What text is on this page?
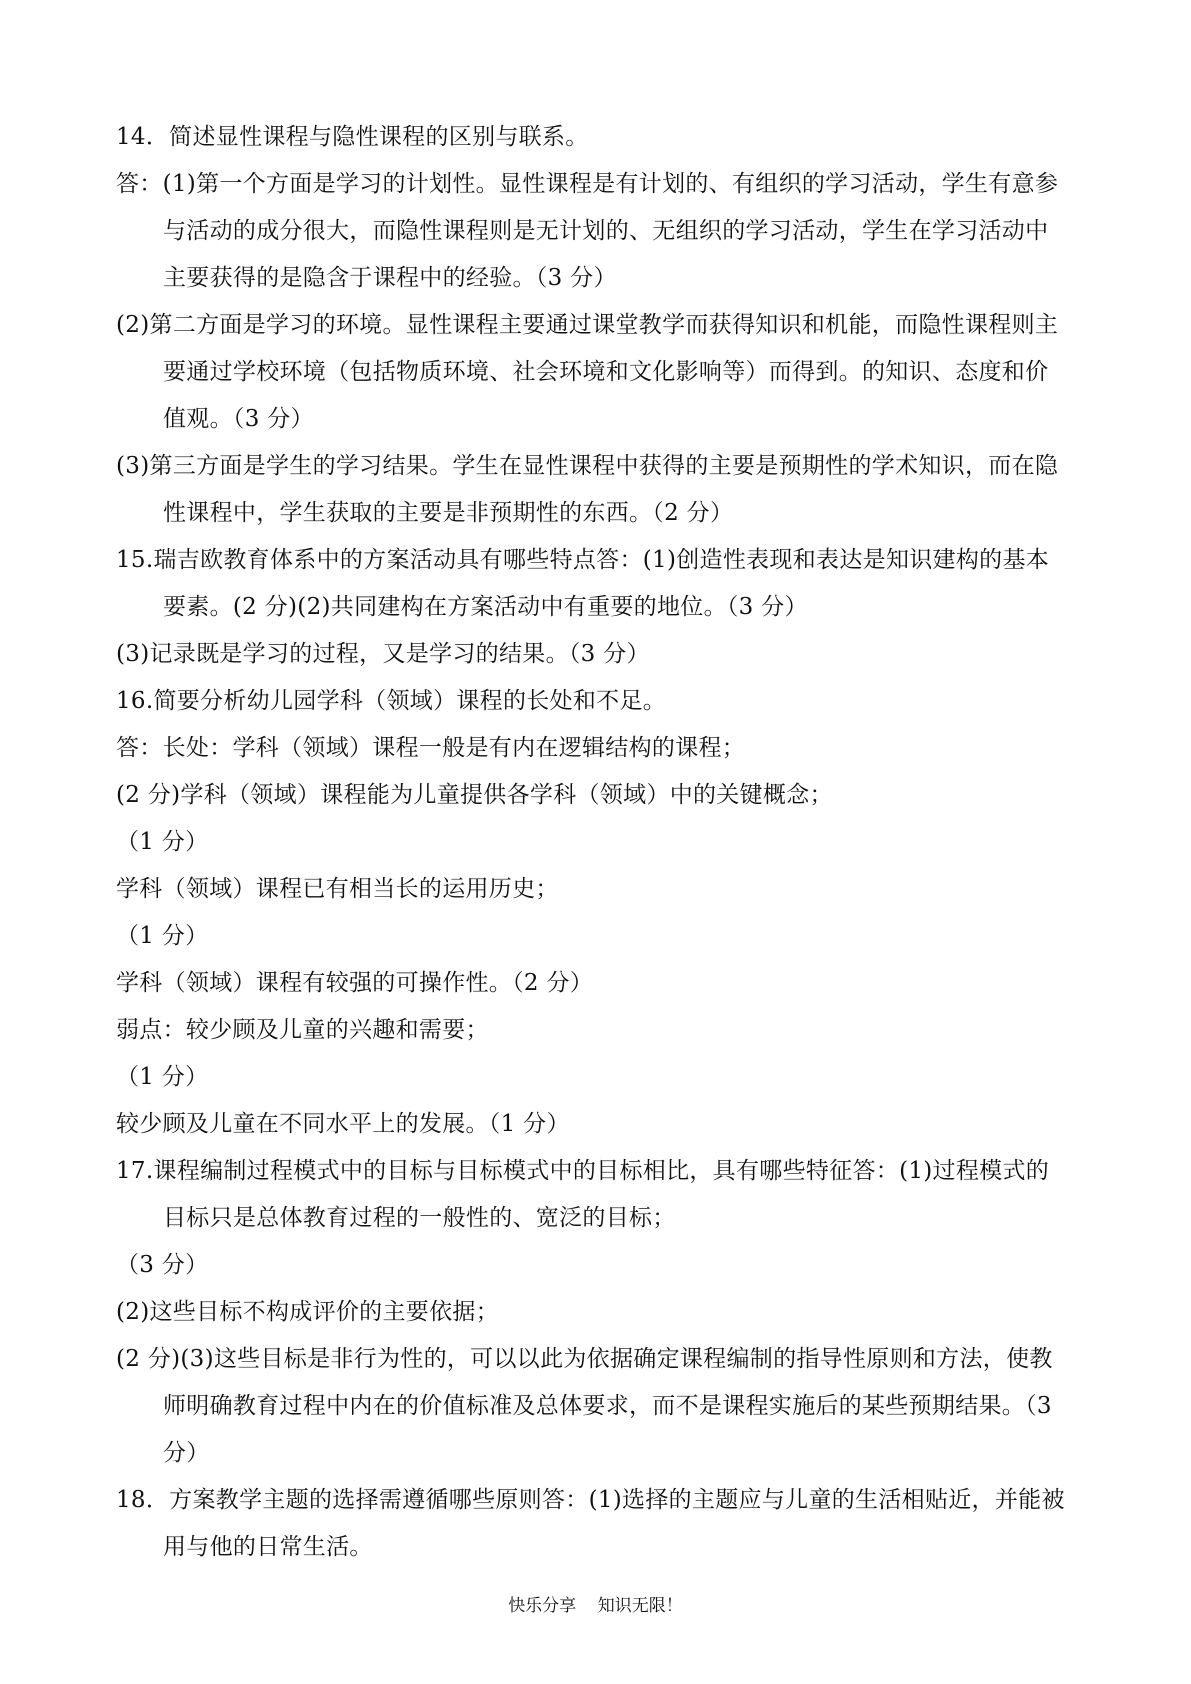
14．简述显性课程与隐性课程的区别与联系。
答：(1)第一个方面是学习的计划性。显性课程是有计划的、有组织的学习活动，学生有意参
与活动的成分很大，而隐性课程则是无计划的、无组织的学习活动，学生在学习活动中
主要获得的是隐含于课程中的经验。（3 分）
(2)第二方面是学习的环境。显性课程主要通过课堂教学而获得知识和机能，而隐性课程则主
要通过学校环境（包括物质环境、社会环境和文化影响等）而得到。的知识、态度和价
值观。（3 分）
(3)第三方面是学生的学习结果。学生在显性课程中获得的主要是预期性的学术知识，而在隐
性课程中，学生获取的主要是非预期性的东西。（2 分）
15.瑞吉欧教育体系中的方案活动具有哪些特点答：(1)创造性表现和表达是知识建构的基本
要素。(2 分)(2)共同建构在方案活动中有重要的地位。（3 分）
(3)记录既是学习的过程，又是学习的结果。（3 分）
16.简要分析幼儿园学科（领域）课程的长处和不足。
答：长处：学科（领域）课程一般是有内在逻辑结构的课程；
(2 分)学科（领域）课程能为儿童提供各学科（领域）中的关键概念；
（1 分）
学科（领域）课程已有相当长的运用历史；
（1 分）
学科（领域）课程有较强的可操作性。（2 分）
弱点：较少顾及儿童的兴趣和需要；
（1 分）
较少顾及儿童在不同水平上的发展。（1 分）
17.课程编制过程模式中的目标与目标模式中的目标相比，具有哪些特征答：(1)过程模式的
目标只是总体教育过程的一般性的、宽泛的目标；
（3 分）
(2)这些目标不构成评价的主要依据；
(2 分)(3)这些目标是非行为性的，可以以此为依据确定课程编制的指导性原则和方法，使教
师明确教育过程中内在的价值标准及总体要求，而不是课程实施后的某些预期结果。（3
分）
18．方案教学主题的选择需遵循哪些原则答：(1)选择的主题应与儿童的生活相贴近，并能被
用与他的日常生活。
快乐分享    知识无限！
